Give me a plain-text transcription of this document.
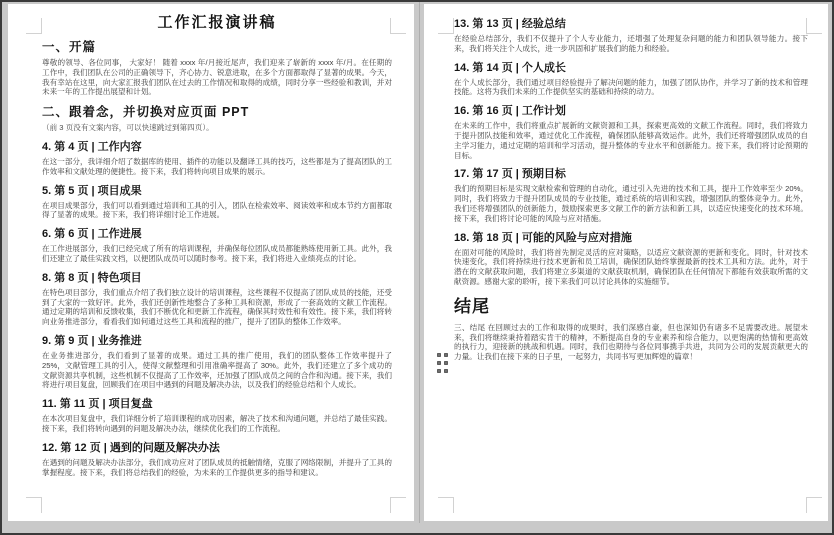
工作汇报演讲稿
一、开篇

尊敬的领导、各位同事， 大家好！ 随着 xxxx 年/月接近尾声，我们迎来了崭新的 xxxx 年/月。在任期的工作中，我们团队在公司的正确领导下，齐心协力、锐意进取，在多个方面都取得了显著的成果。今天，我有幸站在这里，向大家汇报我们团队在过去的工作情况和取得的成绩，同时分享一些经验和教训，并对未来一年的工作提出展望和计划。

二、跟着念，并切换对应页面 PPT

（前 3 页没有文案内容，可以快速跳过到第四页）。

4. 第 4 页 | 工作内容

在这一部分，我详细介绍了数据库的使用、插件的功能以及翻译工具的技巧，这些都是为了提高团队的工作效率和文献处理的便捷性。接下来，我们将转向项目成果的展示。

5. 第 5 页 | 项目成果

在项目成果部分，我们可以看到通过培训和工具的引入，团队在检索效率、阅读效率和成本节约方面都取得了显著的成果。接下来，我们将详细讨论工作进展。

6. 第 6 页 | 工作进展

在工作进展部分，我们已经完成了所有的培训课程，并确保每位团队成员都能熟练使用新工具。此外，我们还建立了最佳实践文档，以便团队成员可以随时参考。接下来，我们将进入业绩亮点的讨论。

8. 第 8 页 | 特色项目

在特色项目部分，我们重点介绍了我们独立设计的培训课程，这些课程不仅提高了团队成员的技能，还受到了大家的一致好评。此外，我们还创新性地整合了多种工具和资源，形成了一套高效的文献工作流程。通过定期的培训和反馈收集，我们不断优化和更新工作流程，确保其时效性和有效性。接下来，我们将转向业务推进部分，看看我们如何通过这些工具和流程的推广，提升了团队的整体工作效率。

9. 第 9 页 | 业务推进

在业务推进部分，我们看到了显著的成果。通过工具的推广使用，我们的团队整体工作效率提升了 25%，文献管理工具的引入，使得文献整理和引用准确率提高了 30%。此外，我们还建立了多个成功的文献资源共享机制，这些机制不仅提高了工作效率，还加强了团队成员之间的合作和沟通。接下来，我们将进行项目复盘，回顾我们在项目中遇到的问题及解决办法，以及我们的经验总结和个人成长。

11. 第 11 页 | 项目复盘

在本次项目复盘中，我们详细分析了培训课程的成功因素，解决了技术和沟通问题，并总结了最佳实践。接下来，我们将转向遇到的问题及解决办法，继续优化我们的工作流程。

12. 第 12 页 | 遇到的问题及解决办法

在遇到的问题及解决办法部分，我们成功应对了团队成员的抵触情绪，克服了网络限制，并提升了工具的掌握程度。接下来，我们将总结我们的经验，为未来的工作提供更多的指导和建议。

13. 第 13 页 | 经验总结

在经验总结部分，我们不仅提升了个人专业能力，还增强了处理复杂问题的能力和团队领导能力。接下来，我们将关注个人成长，进一步巩固和扩展我们的能力和经验。

14. 第 14 页 | 个人成长

在个人成长部分，我们通过项目经验提升了解决问题的能力，加强了团队协作，并学习了新的技术和管理技能。这将为我们未来的工作提供坚实的基础和持续的动力。

16. 第 16 页 | 工作计划

在未来的工作中，我们将重点扩展新的文献资源和工具，探索更高效的文献工作流程。同时，我们将致力于提升团队技能和效率，通过优化工作流程，确保团队能够高效运作。此外，我们还将增强团队成员的自主学习能力，通过定期的培训和学习活动，提升整体的专业水平和创新能力。接下来，我们将讨论预期的目标。

17. 第 17 页 | 预期目标

我们的预期目标是实现文献检索和管理的自动化，通过引入先进的技术和工具，提升工作效率至少 20%。同时，我们将致力于提升团队成员的专业技能，通过系统的培训和实践，增强团队的整体竞争力。此外，我们还将增强团队的创新能力，鼓励探索更多文献工作的新方法和新工具，以适应快速变化的技术环境。接下来，我们将讨论可能的风险与应对措施。

18. 第 18 页 | 可能的风险与应对措施

在面对可能的风险时，我们将首先制定灵活的应对策略，以适应文献资源的更新和变化。同时，针对技术快速变化，我们将持续进行技术更新和员工培训，确保团队始终掌握最新的技术工具和方法。此外，对于潜在的文献获取问题，我们将建立多渠道的文献获取机制，确保团队在任何情况下都能有效获取所需的文献资源。感谢大家的聆听，接下来我们可以讨论具体的实施细节。

结尾

三、结尾 在回顾过去的工作和取得的成果时，我们深感自豪，但也深知仍有诸多不足需要改进。展望未来，我们将继续秉持着踏实肯干的精神，不断提高自身的专业素养和综合能力，以更饱满的热情和更高效的执行力，迎接新的挑战和机遇。同时，我们也期待与各位同事携手共进，共同为公司的发展贡献更大的力量。让我们在接下来的日子里，一起努力，共同书写更加辉煌的篇章！
